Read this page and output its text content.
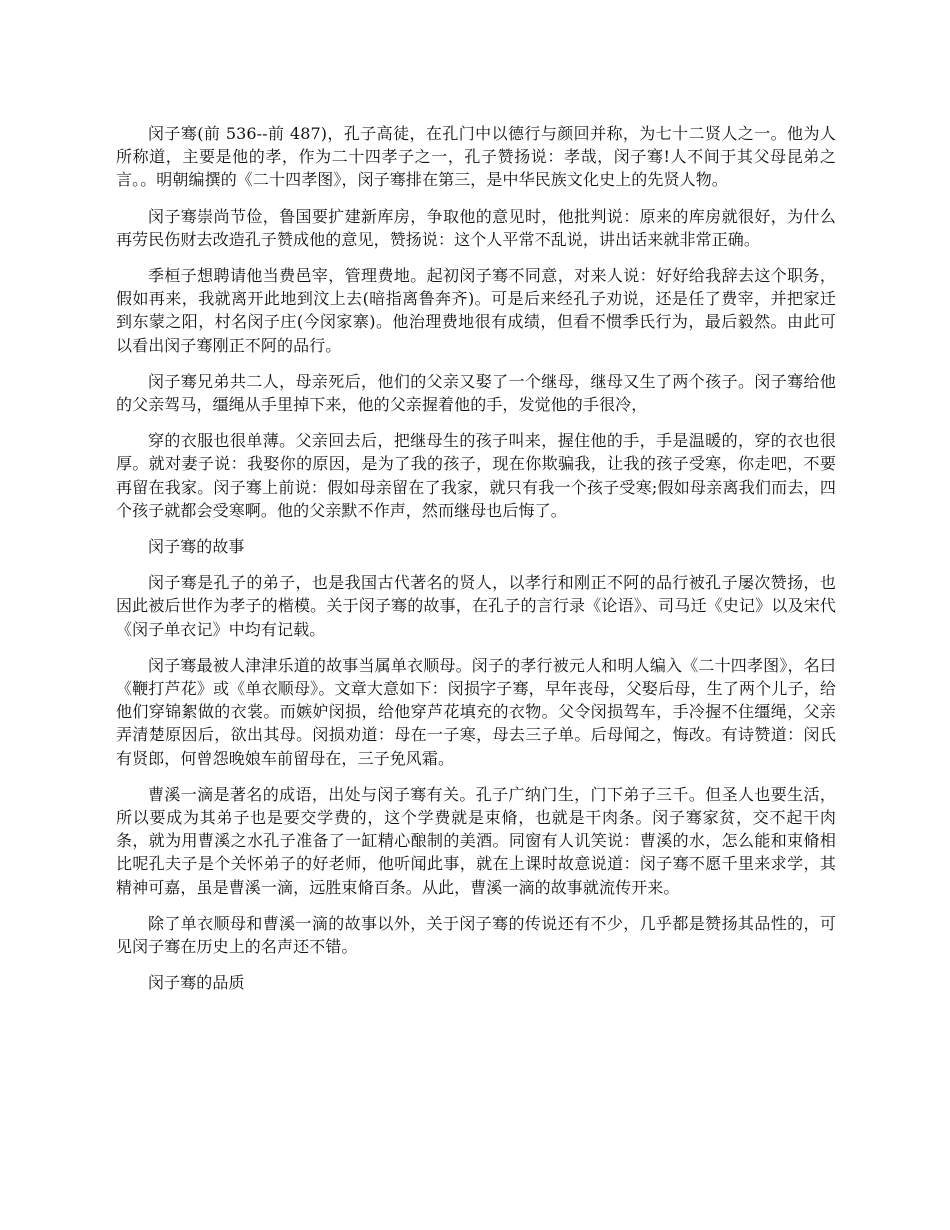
闵子骞(前 536--前 487)，孔子高徒，在孔门中以德行与颜回并称，为七十二贤人之一。他为人所称道，主要是他的孝，作为二十四孝子之一，孔子赞扬说：孝哉，闵子骞!人不间于其父母昆弟之言。。明朝编撰的《二十四孝图》，闵子骞排在第三，是中华民族文化史上的先贤人物。

闵子骞崇尚节俭，鲁国要扩建新库房，争取他的意见时，他批判说：原来的库房就很好，为什么再劳民伤财去改造孔子赞成他的意见，赞扬说：这个人平常不乱说，讲出话来就非常正确。

季桓子想聘请他当费邑宰，管理费地。起初闵子骞不同意，对来人说：好好给我辞去这个职务，假如再来，我就离开此地到汶上去(暗指离鲁奔齐)。可是后来经孔子劝说，还是任了费宰，并把家迁到东蒙之阳，村名闵子庄(今闵家寨)。他治理费地很有成绩，但看不惯季氏行为，最后毅然。由此可以看出闵子骞刚正不阿的品行。

闵子骞兄弟共二人，母亲死后，他们的父亲又娶了一个继母，继母又生了两个孩子。闵子骞给他的父亲驾马，缰绳从手里掉下来，他的父亲握着他的手，发觉他的手很冷，

穿的衣服也很单薄。父亲回去后，把继母生的孩子叫来，握住他的手，手是温暖的，穿的衣也很厚。就对妻子说：我娶你的原因，是为了我的孩子，现在你欺骗我，让我的孩子受寒，你走吧，不要再留在我家。闵子骞上前说：假如母亲留在了我家，就只有我一个孩子受寒;假如母亲离我们而去，四个孩子就都会受寒啊。他的父亲默不作声，然而继母也后悔了。

闵子骞的故事

闵子骞是孔子的弟子，也是我国古代著名的贤人，以孝行和刚正不阿的品行被孔子屡次赞扬，也因此被后世作为孝子的楷模。关于闵子骞的故事，在孔子的言行录《论语》、司马迁《史记》以及宋代《闵子单衣记》中均有记载。

闵子骞最被人津津乐道的故事当属单衣顺母。闵子的孝行被元人和明人编入《二十四孝图》，名曰《鞭打芦花》或《单衣顺母》。文章大意如下：闵损字子骞，早年丧母，父娶后母，生了两个儿子，给他们穿锦絮做的衣裳。而嫉妒闵损，给他穿芦花填充的衣物。父令闵损驾车，手冷握不住缰绳，父亲弄清楚原因后，欲出其母。闵损劝道：母在一子寒，母去三子单。后母闻之，悔改。有诗赞道：闵氏有贤郎，何曾怨晚娘车前留母在，三子免风霜。

曹溪一滴是著名的成语，出处与闵子骞有关。孔子广纳门生，门下弟子三千。但圣人也要生活，所以要成为其弟子也是要交学费的，这个学费就是束脩，也就是干肉条。闵子骞家贫，交不起干肉条，就为用曹溪之水孔子准备了一缸精心酿制的美酒。同窗有人讥笑说：曹溪的水，怎么能和束脩相比呢孔夫子是个关怀弟子的好老师，他听闻此事，就在上课时故意说道：闵子骞不愿千里来求学，其精神可嘉，虽是曹溪一滴，远胜束脩百条。从此，曹溪一滴的故事就流传开来。

除了单衣顺母和曹溪一滴的故事以外，关于闵子骞的传说还有不少，几乎都是赞扬其品性的，可见闵子骞在历史上的名声还不错。

闵子骞的品质
